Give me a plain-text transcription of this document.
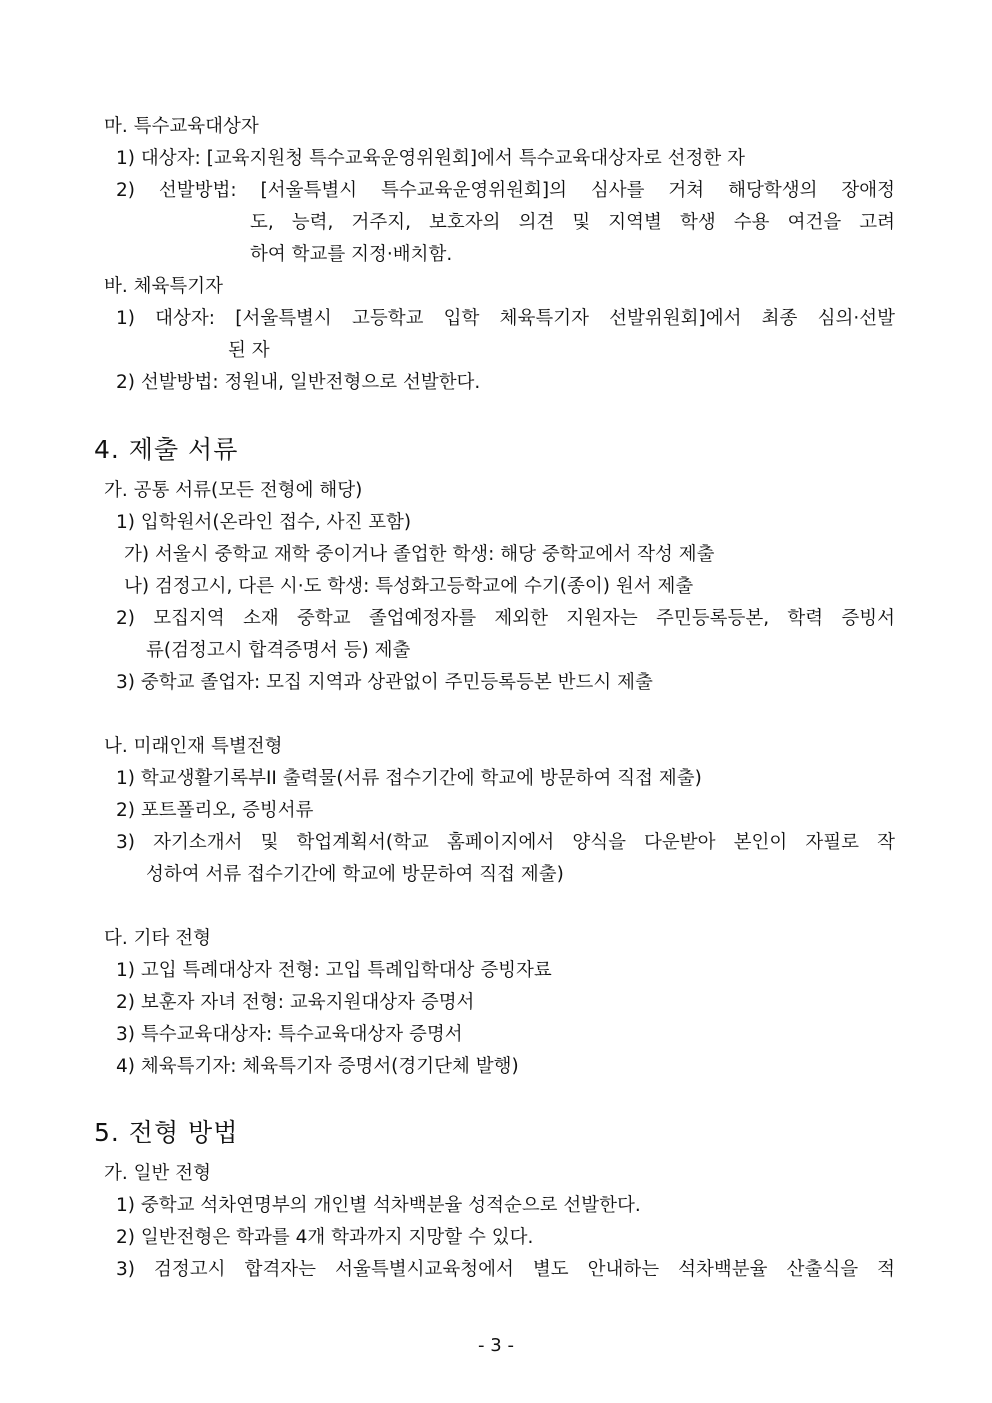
마. 특수교육대상자
1) 대상자: [교육지원청 특수교육운영위원회]에서 특수교육대상자로 선정한 자
2) 선발방법: [서울특별시 특수교육운영위원회]의 심사를 거쳐 해당학생의 장애정
도, 능력, 거주지, 보호자의 의견 및 지역별 학생 수용 여건을 고려
하여 학교를 지정·배치함.
바. 체육특기자
1) 대상자: [서울특별시 고등학교 입학 체육특기자 선발위원회]에서 최종 심의·선발
된 자
2) 선발방법: 정원내, 일반전형으로 선발한다.
4. 제출 서류
가. 공통 서류(모든 전형에 해당)
1) 입학원서(온라인 접수, 사진 포함)
가) 서울시 중학교 재학 중이거나 졸업한 학생: 해당 중학교에서 작성 제출
나) 검정고시, 다른 시·도 학생: 특성화고등학교에 수기(종이) 원서 제출
2) 모집지역 소재 중학교 졸업예정자를 제외한 지원자는 주민등록등본, 학력 증빙서
류(검정고시 합격증명서 등) 제출
3) 중학교 졸업자: 모집 지역과 상관없이 주민등록등본 반드시 제출
나. 미래인재 특별전형
1) 학교생활기록부II 출력물(서류 접수기간에 학교에 방문하여 직접 제출)
2) 포트폴리오, 증빙서류
3) 자기소개서 및 학업계획서(학교 홈페이지에서 양식을 다운받아 본인이 자필로 작
성하여 서류 접수기간에 학교에 방문하여 직접 제출)
다. 기타 전형
1) 고입 특례대상자 전형: 고입 특례입학대상 증빙자료
2) 보훈자 자녀 전형: 교육지원대상자 증명서
3) 특수교육대상자: 특수교육대상자 증명서
4) 체육특기자: 체육특기자 증명서(경기단체 발행)
5. 전형 방법
가. 일반 전형
1) 중학교 석차연명부의 개인별 석차백분율 성적순으로 선발한다.
2) 일반전형은 학과를 4개 학과까지 지망할 수 있다.
3) 검정고시 합격자는 서울특별시교육청에서 별도 안내하는 석차백분율 산출식을 적
- 3 -
